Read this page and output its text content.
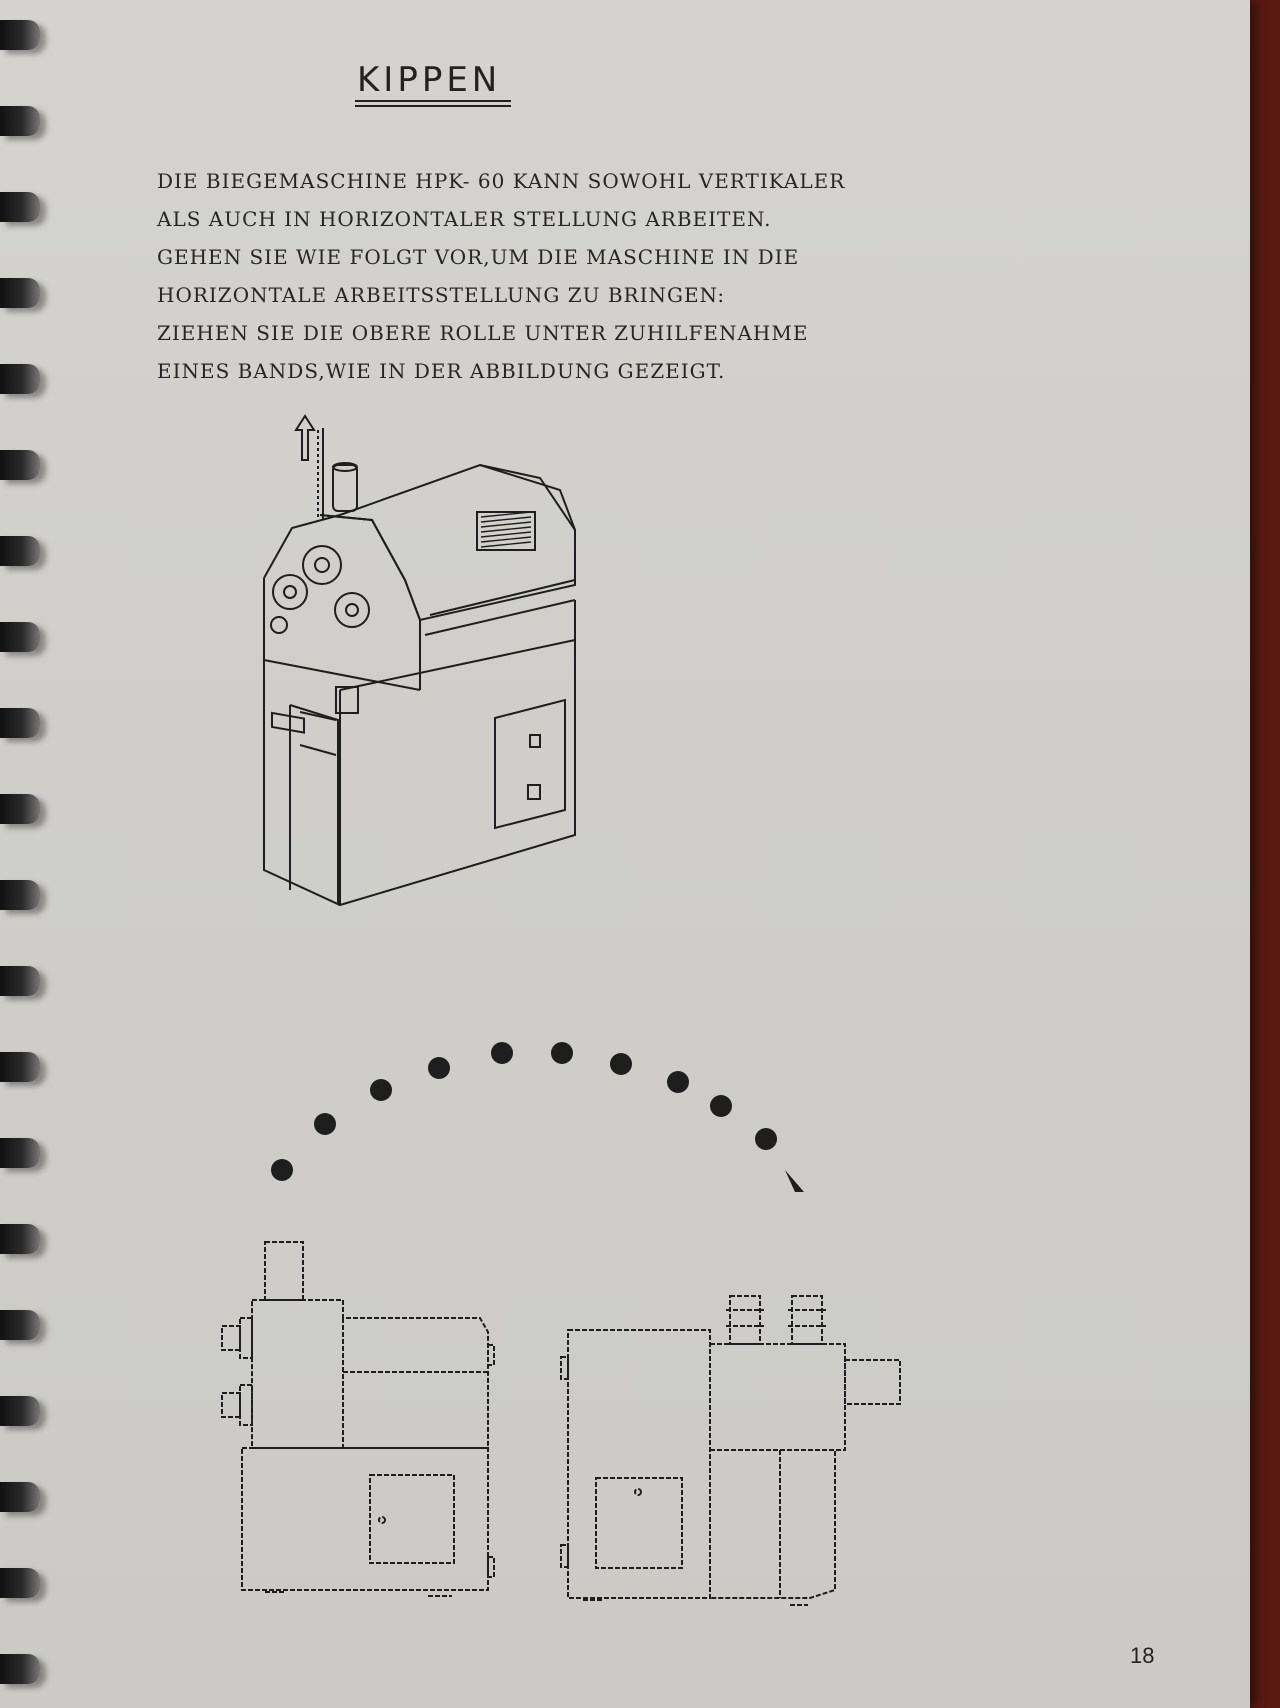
KIPPEN
DIE BIEGEMASCHINE HPK- 60 KANN SOWOHL VERTIKALER
ALS AUCH IN HORIZONTALER STELLUNG ARBEITEN.
GEHEN SIE WIE FOLGT VOR,UM DIE MASCHINE IN DIE
HORIZONTALE ARBEITSSTELLUNG ZU BRINGEN:
ZIEHEN SIE DIE OBERE ROLLE UNTER ZUHILFENAHME
EINES BANDS,WIE IN DER ABBILDUNG GEZEIGT.
18
